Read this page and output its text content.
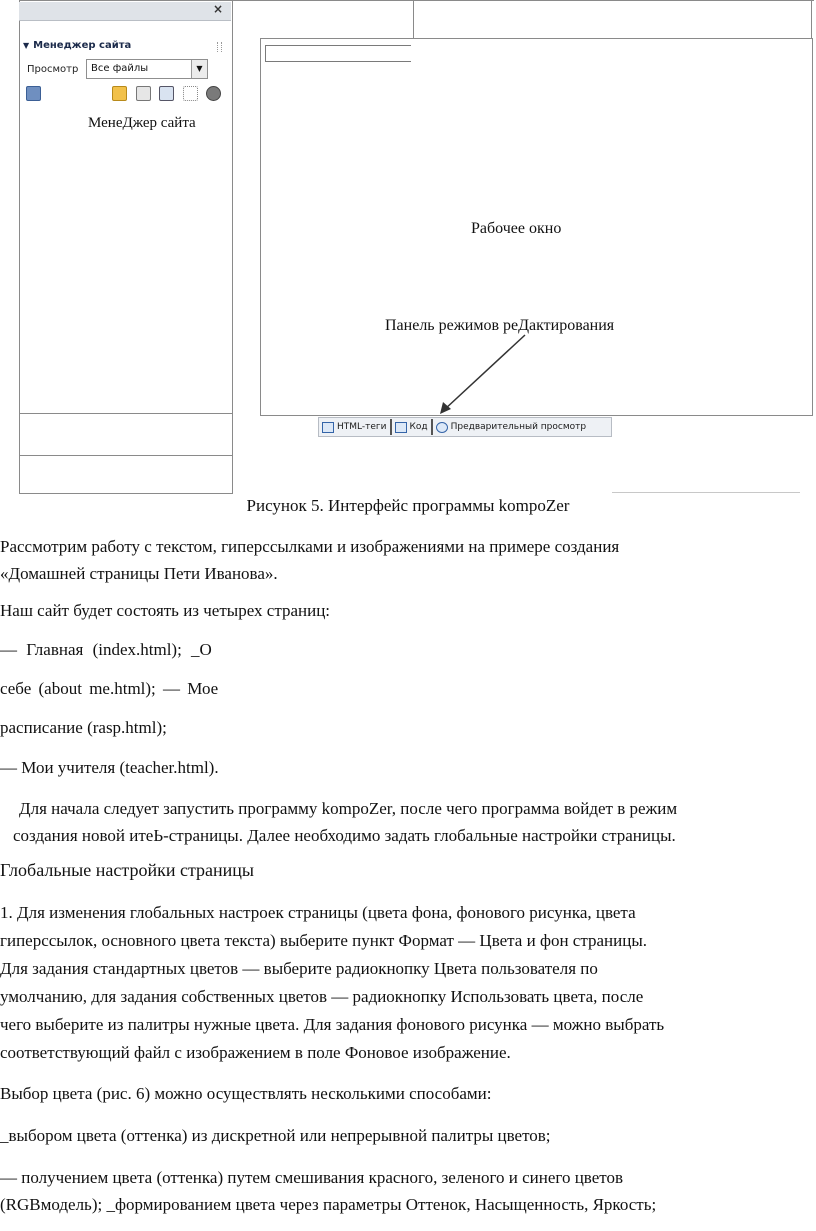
×
▼ Менеджер сайта
Просмотр Все файлы	▼
МенеДжер сайта
Рабочее окно
Панель режимов реДактирования
HTML-теги	Код	Предварительный просмотр
Рисунок 5. Интерфейс программы kompoZer
Рассмотрим работу с текстом, гиперссылками и изображениями на примере создания
«Домашней страницы Пети Иванова».
Наш сайт будет состоять из четырех страниц:
— Главная (index.html); _О
себе (about me.html); — Мое
расписание (rasp.html);
— Мои учителя (teacher.html).
Для начала следует запустить программу kompoZer, после чего программа войдет в режим
создания новой итеЬ-страницы. Далее необходимо задать глобальные настройки страницы.
Глобальные настройки страницы
1. Для изменения глобальных настроек страницы (цвета фона, фонового рисунка, цвета
гиперссылок, основного цвета текста) выберите пункт Формат — Цвета и фон страницы.
Для задания стандартных цветов — выберите радиокнопку Цвета пользователя по
умолчанию, для задания собственных цветов — радиокнопку Использовать цвета, после
чего выберите из палитры нужные цвета. Для задания фонового рисунка — можно выбрать
соответствующий файл с изображением в поле Фоновое изображение.
Выбор цвета (рис. 6) можно осуществлять несколькими способами:
_выбором цвета (оттенка) из дискретной или непрерывной палитры цветов;
— получением цвета (оттенка) путем смешивания красного, зеленого и синего цветов
(RGBмодель); _формированием цвета через параметры Оттенок, Насыщенность, Яркость;
